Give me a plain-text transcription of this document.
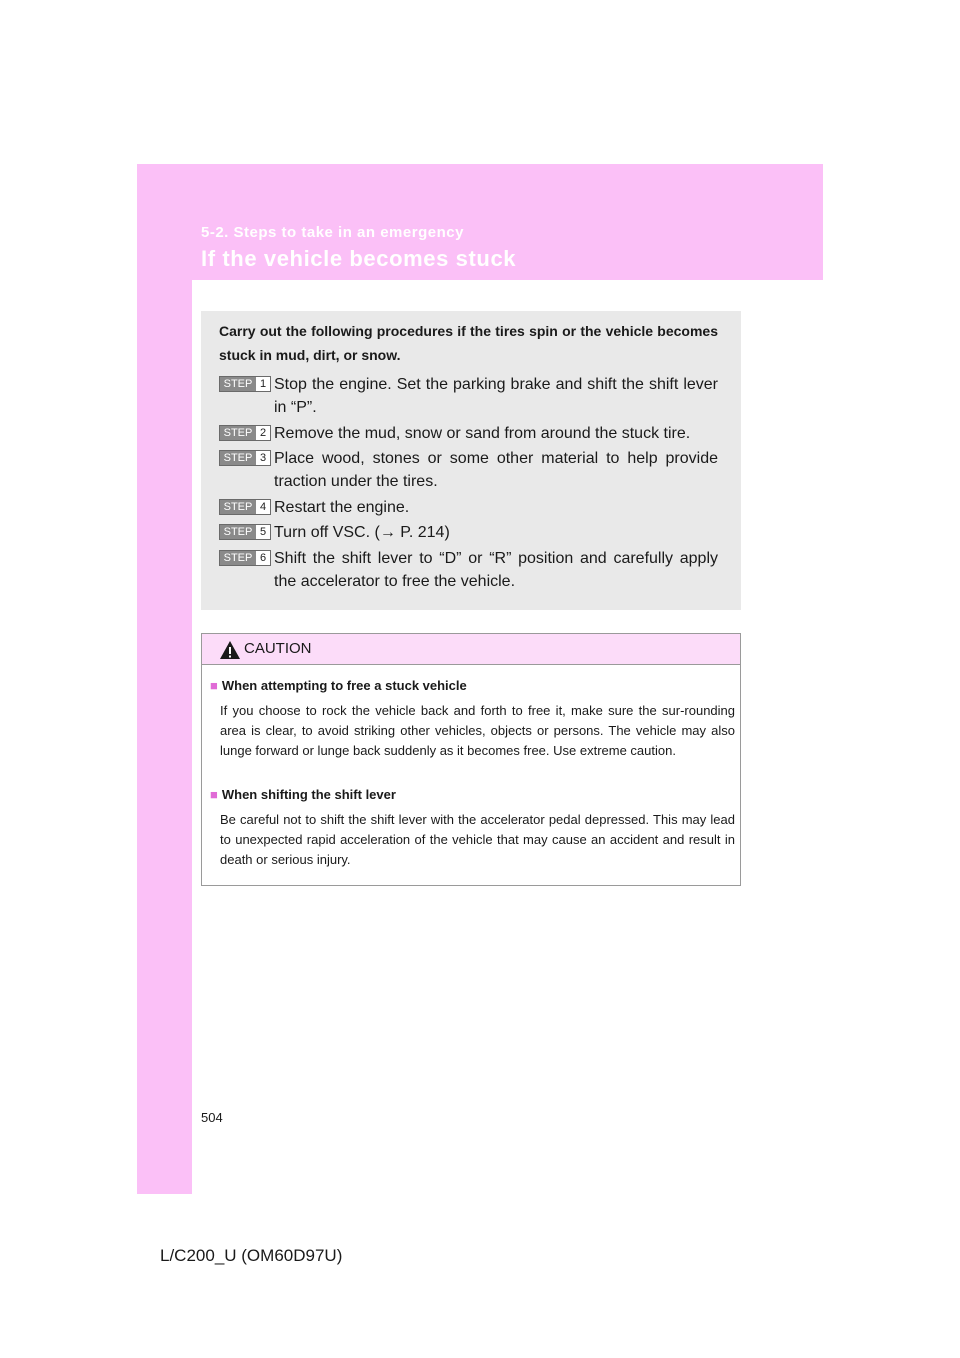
5-2. Steps to take in an emergency
If the vehicle becomes stuck
Carry out the following procedures if the tires spin or the vehicle becomes stuck in mud, dirt, or snow.
STEP 1 Stop the engine. Set the parking brake and shift the shift lever in “P”.
STEP 2 Remove the mud, snow or sand from around the stuck tire.
STEP 3 Place wood, stones or some other material to help provide traction under the tires.
STEP 4 Restart the engine.
STEP 5 Turn off VSC. (→ P. 214)
STEP 6 Shift the shift lever to “D” or “R” position and carefully apply the accelerator to free the vehicle.
CAUTION
■ When attempting to free a stuck vehicle
If you choose to rock the vehicle back and forth to free it, make sure the sur-rounding area is clear, to avoid striking other vehicles, objects or persons. The vehicle may also lunge forward or lunge back suddenly as it becomes free. Use extreme caution.
■ When shifting the shift lever
Be careful not to shift the shift lever with the accelerator pedal depressed. This may lead to unexpected rapid acceleration of the vehicle that may cause an accident and result in death or serious injury.
504
L/C200_U (OM60D97U)
